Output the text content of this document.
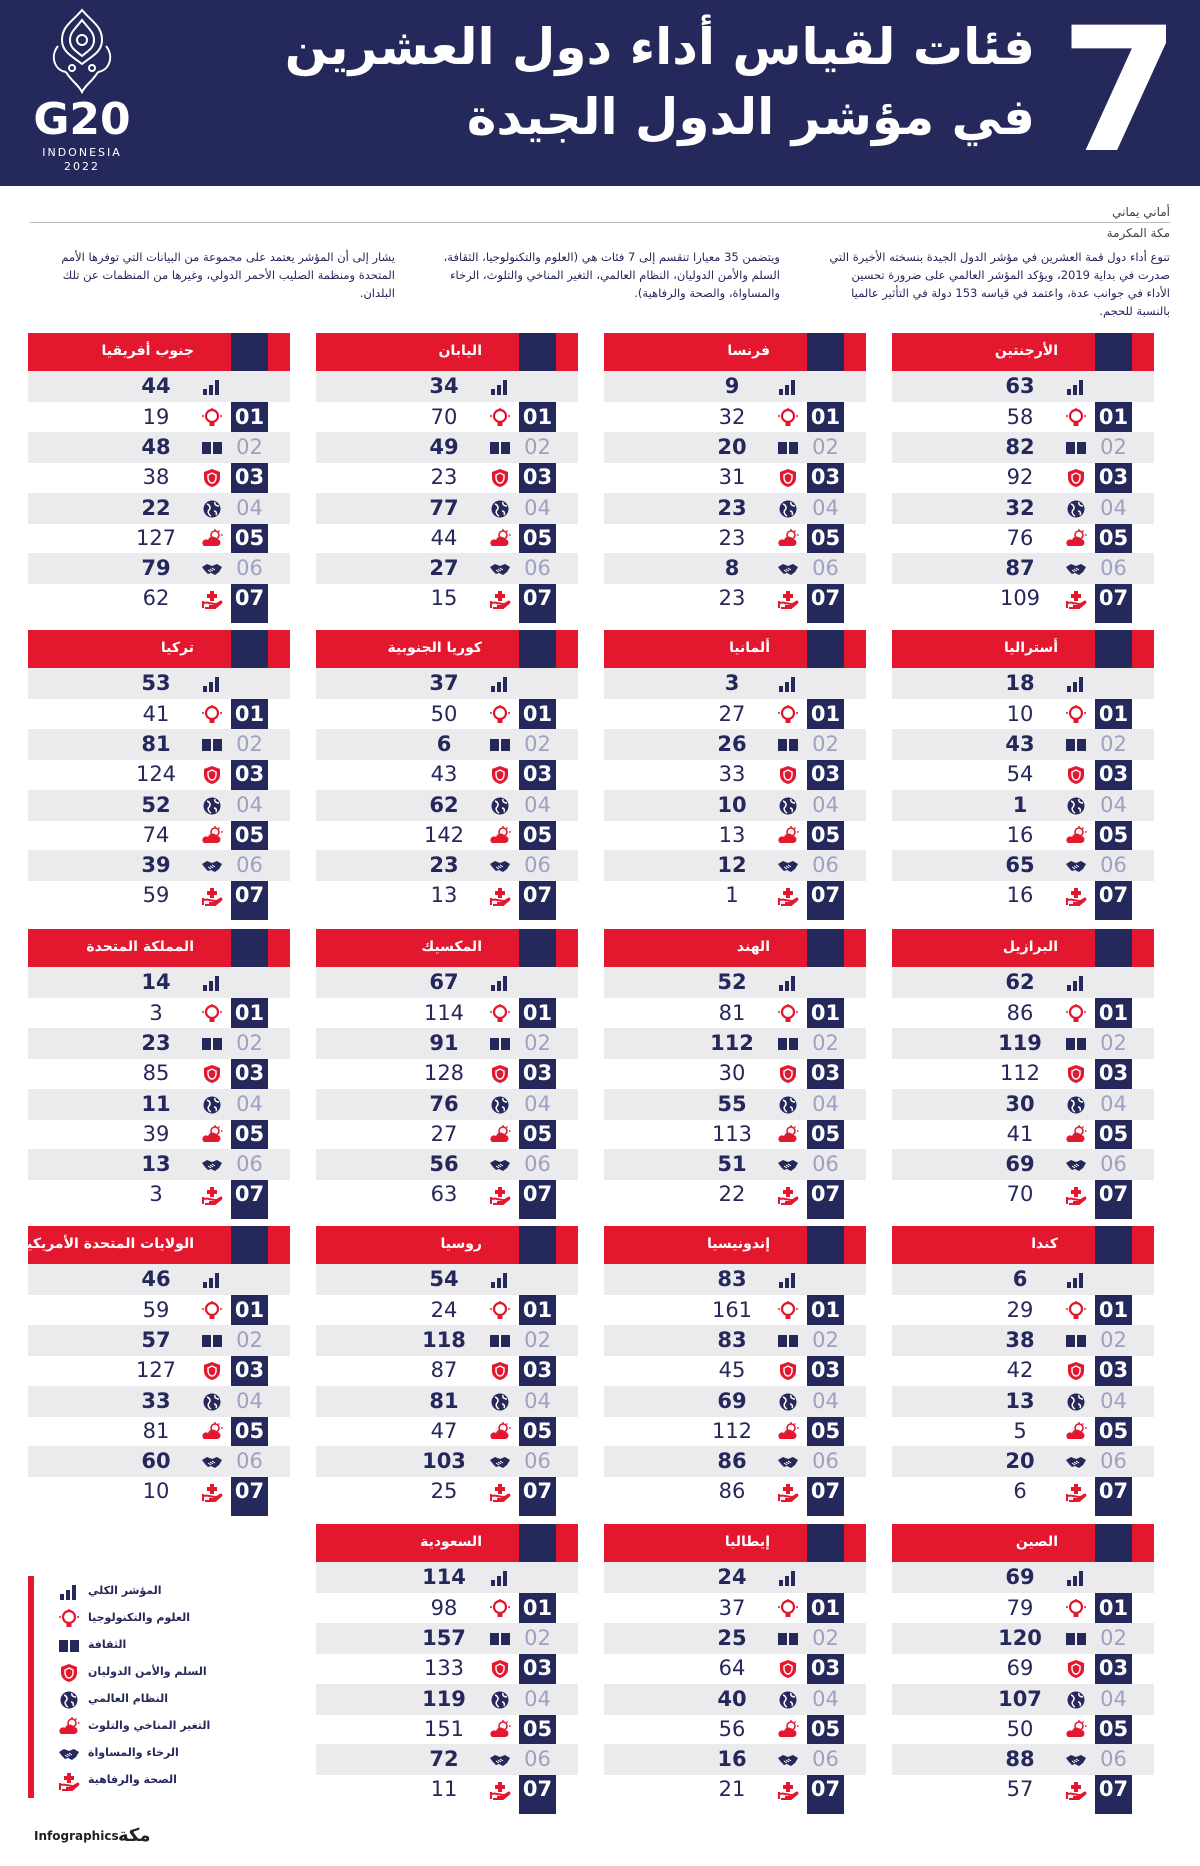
G20
INDONESIA
2022	7
فئات لقياس أداء دول العشرين
في مؤشر الدول الجيدة
أماني يماني
مكة المكرمة
تنوع أداء دول قمة العشرين في مؤشر الدول الجيدة بنسخته الأخيرة التي صدرت في بداية 2019، ويؤكد المؤشر العالمي على ضرورة تحسين الأداء في جوانب عدة، واعتمد في قياسه 153 دولة في التأثير عالميا بالنسبة للحجم.
ويتضمن 35 معيارا تنقسم إلى 7 فئات هي (العلوم والتكنولوجيا، الثقافة، السلم والأمن الدوليان، النظام العالمي، التغير المناخي والتلوث، الرخاء والمساواة، والصحة والرفاهية).
يشار إلى أن المؤشر يعتمد على مجموعة من البيانات التي توفرها الأمم المتحدة ومنظمة الصليب الأحمر الدولي، وغيرها من المنظمات عن تلك البلدان.
الأرجنتين
63
58	01
82	02
92	03
32	04
76	05
87	06
109	07
فرنسا
9
32	01
20	02
31	03
23	04
23	05
8	06
23	07
اليابان
34
70	01
49	02
23	03
77	04
44	05
27	06
15	07
جنوب أفريقيا
44
19	01
48	02
38	03
22	04
127	05
79	06
62	07
أستراليا
18
10	01
43	02
54	03
1	04
16	05
65	06
16	07
ألمانيا
3
27	01
26	02
33	03
10	04
13	05
12	06
1	07
كوريا الجنوبية
37
50	01
6	02
43	03
62	04
142	05
23	06
13	07
تركيا
53
41	01
81	02
124	03
52	04
74	05
39	06
59	07
البرازيل
62
86	01
119	02
112	03
30	04
41	05
69	06
70	07
الهند
52
81	01
112	02
30	03
55	04
113	05
51	06
22	07
المكسيك
67
114	01
91	02
128	03
76	04
27	05
56	06
63	07
المملكة المتحدة
14
3	01
23	02
85	03
11	04
39	05
13	06
3	07
كندا
6
29	01
38	02
42	03
13	04
5	05
20	06
6	07
إندونيسيا
83
161	01
83	02
45	03
69	04
112	05
86	06
86	07
روسيا
54
24	01
118	02
87	03
81	04
47	05
103	06
25	07
الولايات المتحدة الأمريكية
46
59	01
57	02
127	03
33	04
81	05
60	06
10	07
الصين
69
79	01
120	02
69	03
107	04
50	05
88	06
57	07
إيطاليا
24
37	01
25	02
64	03
40	04
56	05
16	06
21	07
السعودية
114
98	01
157	02
133	03
119	04
151	05
72	06
11	07
المؤشر الكلي
العلوم والتكنولوجيا
الثقافة
السلم والأمن الدوليان
النظام العالمي
التغير المناخي والتلوث
الرخاء والمساواة
الصحة والرفاهية
Infographics مكة
